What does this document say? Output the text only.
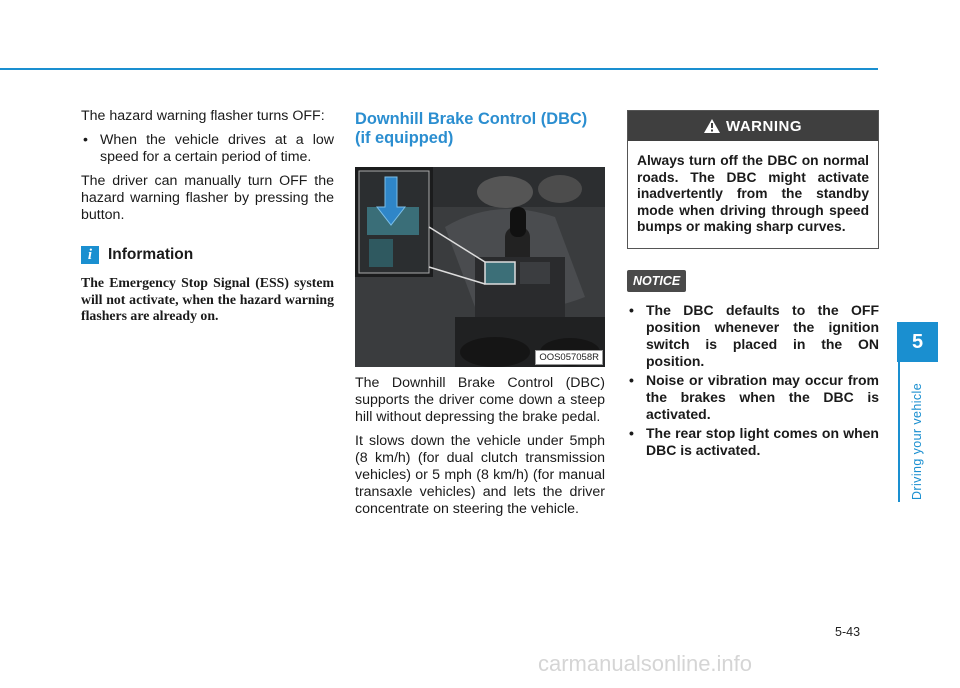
The hazard warning flasher turns OFF:

• When the vehicle drives at a low speed for a certain period of time.

The driver can manually turn OFF the hazard warning flasher by pressing the button.

i	Information

The Emergency Stop Signal (ESS) system will not activate, when the hazard warning flashers are already on.

Downhill Brake Control (DBC)
(if equipped)
OOS057058R

The Downhill Brake Control (DBC) supports the driver come down a steep hill without depressing the brake pedal.

It slows down the vehicle under 5mph (8 km/h) (for dual clutch transmission vehicles) or 5 mph (8 km/h) (for manual transaxle vehicles) and lets the driver concentrate on steering the vehicle.

WARNING
Always turn off the DBC on normal roads. The DBC might activate inadvertently from the standby mode when driving through speed bumps or making sharp curves.
NOTICE
• The DBC defaults to the OFF position whenever the ignition switch is placed in the ON position.
• Noise or vibration may occur from the brakes when the DBC is activated.
• The rear stop light comes on when DBC is activated.
5
Driving your vehicle
5-43
carmanualsonline.info
